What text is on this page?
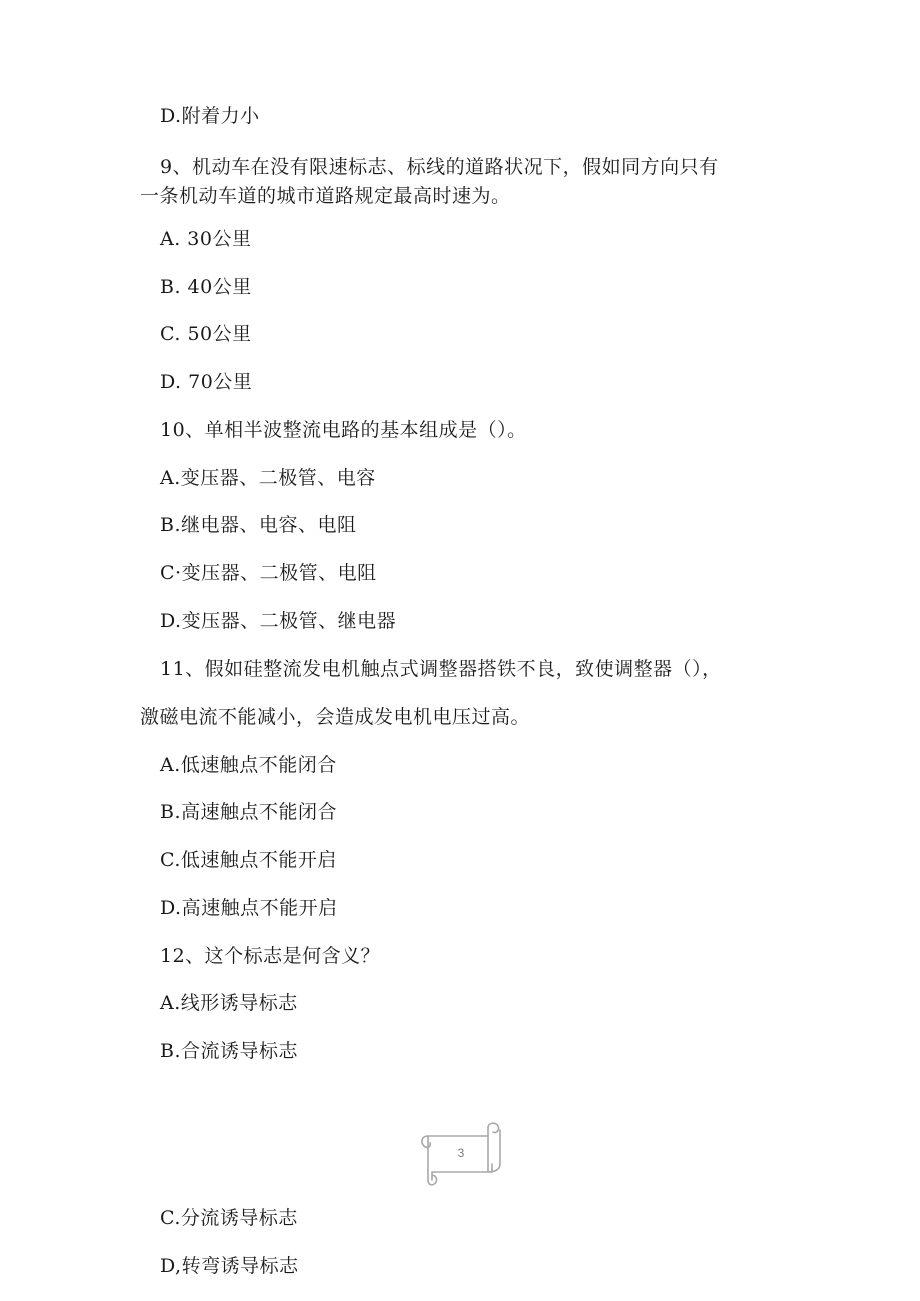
D.附着力小
9、机动车在没有限速标志、标线的道路状况下，假如同方向只有
一条机动车道的城市道路规定最高时速为。
A. 30公里
B. 40公里
C. 50公里
D. 70公里
10、单相半波整流电路的基本组成是（）。
A.变压器、二极管、电容
B.继电器、电容、电阻
C·变压器、二极管、电阻
D.变压器、二极管、继电器
11、假如硅整流发电机触点式调整器搭铁不良，致使调整器（），
激磁电流不能减小，会造成发电机电压过高。
A.低速触点不能闭合
B.高速触点不能闭合
C.低速触点不能开启
D.高速触点不能开启
12、这个标志是何含义？
A.线形诱导标志
B.合流诱导标志
3
C.分流诱导标志
D,转弯诱导标志
